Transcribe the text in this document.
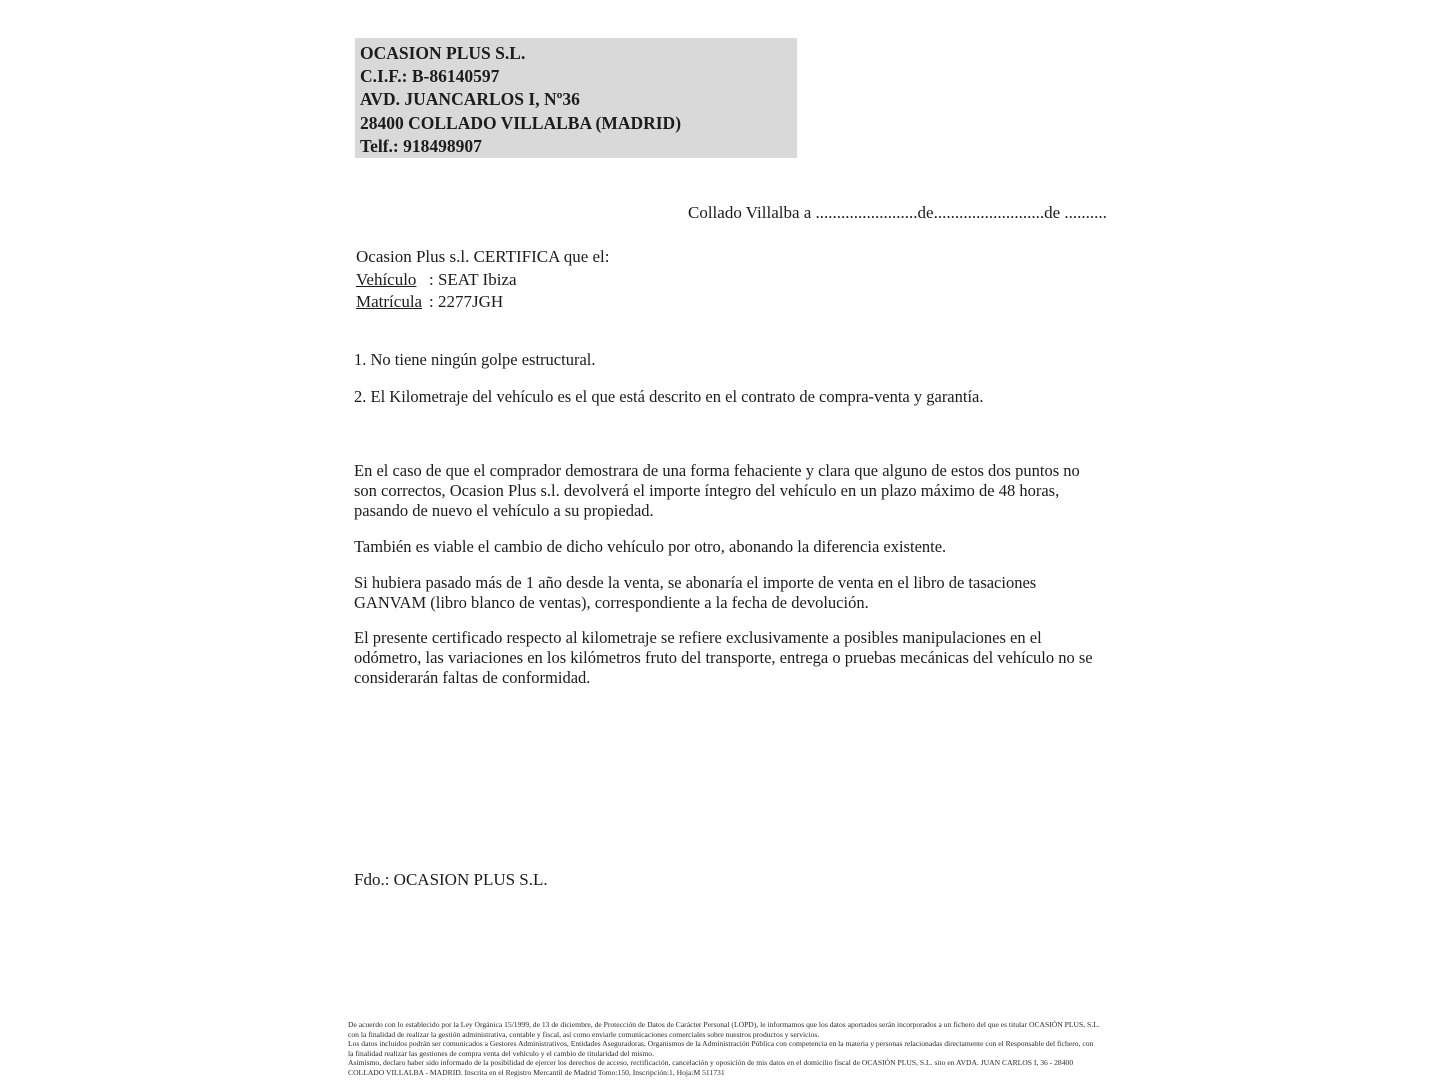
OCASION PLUS S.L.
C.I.F.: B-86140597
AVD. JUANCARLOS I, Nº36
28400 COLLADO VILLALBA (MADRID)
Telf.: 918498907
Collado Villalba a ........................de..........................de ..........
Ocasion Plus s.l. CERTIFICA que el:
Vehículo : SEAT Ibiza
Matrícula : 2277JGH
1. No tiene ningún golpe estructural.
2. El Kilometraje del vehículo es el que está descrito en el contrato de compra-venta y garantía.
En el caso de que el comprador demostrara de una forma fehaciente y clara que alguno de estos dos puntos no son correctos, Ocasion Plus s.l. devolverá el importe íntegro del vehículo en un plazo máximo de 48 horas, pasando de nuevo el vehículo a su propiedad.
También es viable el cambio de dicho vehículo por otro, abonando la diferencia existente.
Si hubiera pasado más de 1 año desde la venta, se abonaría el importe de venta en el libro de tasaciones GANVAM (libro blanco de ventas), correspondiente a la fecha de devolución.
El presente certificado respecto al kilometraje se refiere exclusivamente a posibles manipulaciones en el odómetro, las variaciones en los kilómetros fruto del transporte, entrega o pruebas mecánicas del vehículo no se considerarán faltas de conformidad.
Fdo.: OCASION PLUS S.L.

De acuerdo con lo establecido por la Ley Orgánica 15/1999, de 13 de diciembre, de Protección de Datos de Carácter Personal (LOPD), le informamos que los datos aportados serán incorporados a un fichero del que es titular OCASIÓN PLUS, S.L. con la finalidad de realizar la gestión administrativa, contable y fiscal, así como enviarle comunicaciones comerciales sobre nuestros productos y servicios.

Los datos incluidos podrán ser comunicados a Gestores Administrativos, Entidades Aseguradoras, Organismos de la Administración Pública con competencia en la materia y personas relacionadas directamente con el Responsable del fichero, con la finalidad realizar las gestiones de compra venta del vehículo y el cambio de titularidad del mismo.

Asimismo, declaro haber sido informado de la posibilidad de ejercer los derechos de acceso, rectificación, cancelación y oposición de mis datos en el domicilio fiscal de OCASIÓN PLUS, S.L. sito en AVDA. JUAN CARLOS I, 36 - 28400 COLLADO VILLALBA - MADRID. Inscrita en el Registro Mercantil de Madrid Tomo:150, Inscripción:1, Hoja:M 511731
